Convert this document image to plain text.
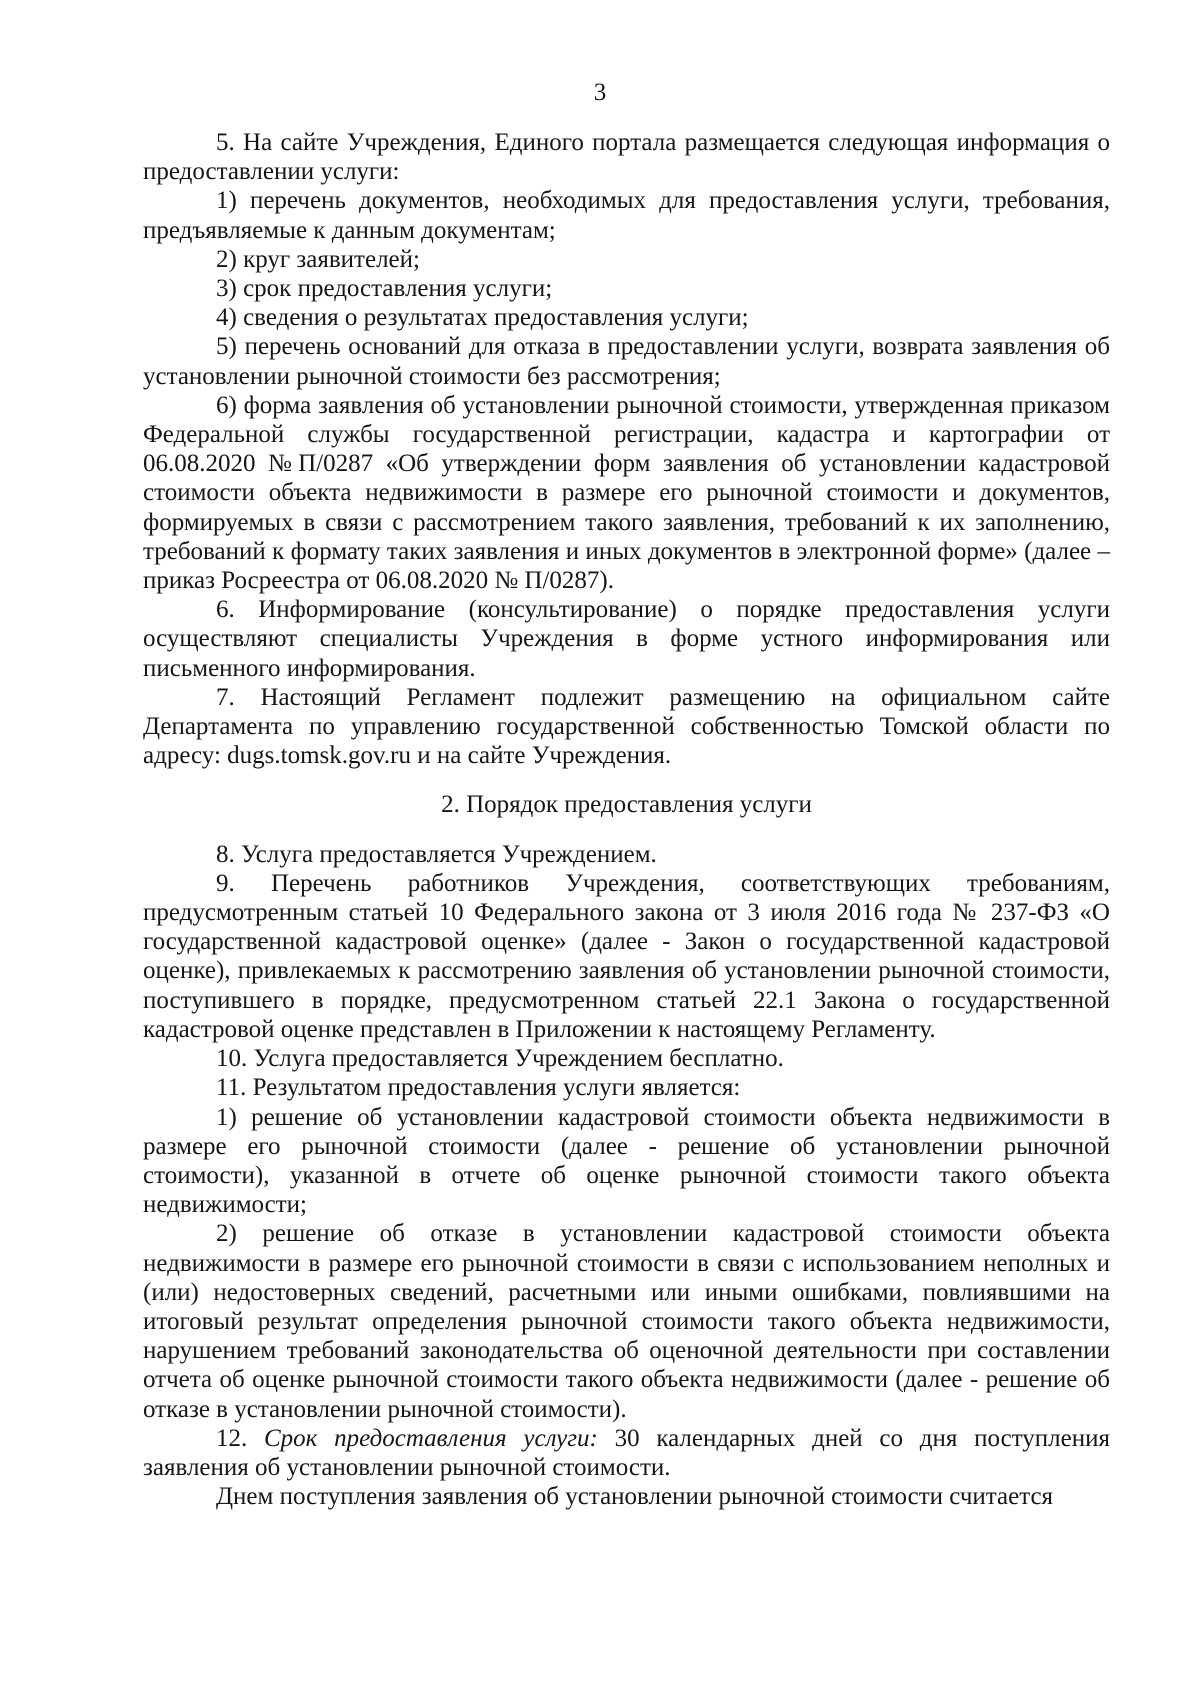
3

5. На сайте Учреждения, Единого портала размещается следующая информация о предоставлении услуги:

1) перечень документов, необходимых для предоставления услуги, требования, предъявляемые к данным документам;

2) круг заявителей;

3) срок предоставления услуги;

4) сведения о результатах предоставления услуги;

5) перечень оснований для отказа в предоставлении услуги, возврата заявления об установлении рыночной стоимости без рассмотрения;

6) форма заявления об установлении рыночной стоимости, утвержденная приказом Федеральной службы государственной регистрации, кадастра и картографии от 06.08.2020 №П/0287 «Об утверждении форм заявления об установлении кадастровой стоимости объекта недвижимости в размере его рыночной стоимости и документов, формируемых в связи с рассмотрением такого заявления, требований к их заполнению, требований к формату таких заявления и иных документов в электронной форме» (далее – приказ Росреестра от 06.08.2020 № П/0287).

6. Информирование (консультирование) о порядке предоставления услуги осуществляют специалисты Учреждения в форме устного информирования или письменного информирования.

7. Настоящий Регламент подлежит размещению на официальном сайте Департамента по управлению государственной собственностью Томской области по адресу: dugs.tomsk.gov.ru и на сайте Учреждения.

2. Порядок предоставления услуги

8. Услуга предоставляется Учреждением.

9. Перечень работников Учреждения, соответствующих требованиям, предусмотренным статьей 10 Федерального закона от 3 июля 2016 года № 237-ФЗ «О государственной кадастровой оценке» (далее - Закон о государственной кадастровой оценке), привлекаемых к рассмотрению заявления об установлении рыночной стоимости, поступившего в порядке, предусмотренном статьей 22.1 Закона о государственной кадастровой оценке представлен в Приложении к настоящему Регламенту.

10. Услуга предоставляется Учреждением бесплатно.

11. Результатом предоставления услуги является:

1) решение об установлении кадастровой стоимости объекта недвижимости в размере его рыночной стоимости (далее - решение об установлении рыночной стоимости), указанной в отчете об оценке рыночной стоимости такого объекта недвижимости;

2) решение об отказе в установлении кадастровой стоимости объекта недвижимости в размере его рыночной стоимости в связи с использованием неполных и (или) недостоверных сведений, расчетными или иными ошибками, повлиявшими на итоговый результат определения рыночной стоимости такого объекта недвижимости, нарушением требований законодательства об оценочной деятельности при составлении отчета об оценке рыночной стоимости такого объекта недвижимости (далее - решение об отказе в установлении рыночной стоимости).

12. Срок предоставления услуги: 30 календарных дней со дня поступления заявления об установлении рыночной стоимости.

Днем поступления заявления об установлении рыночной стоимости считается
